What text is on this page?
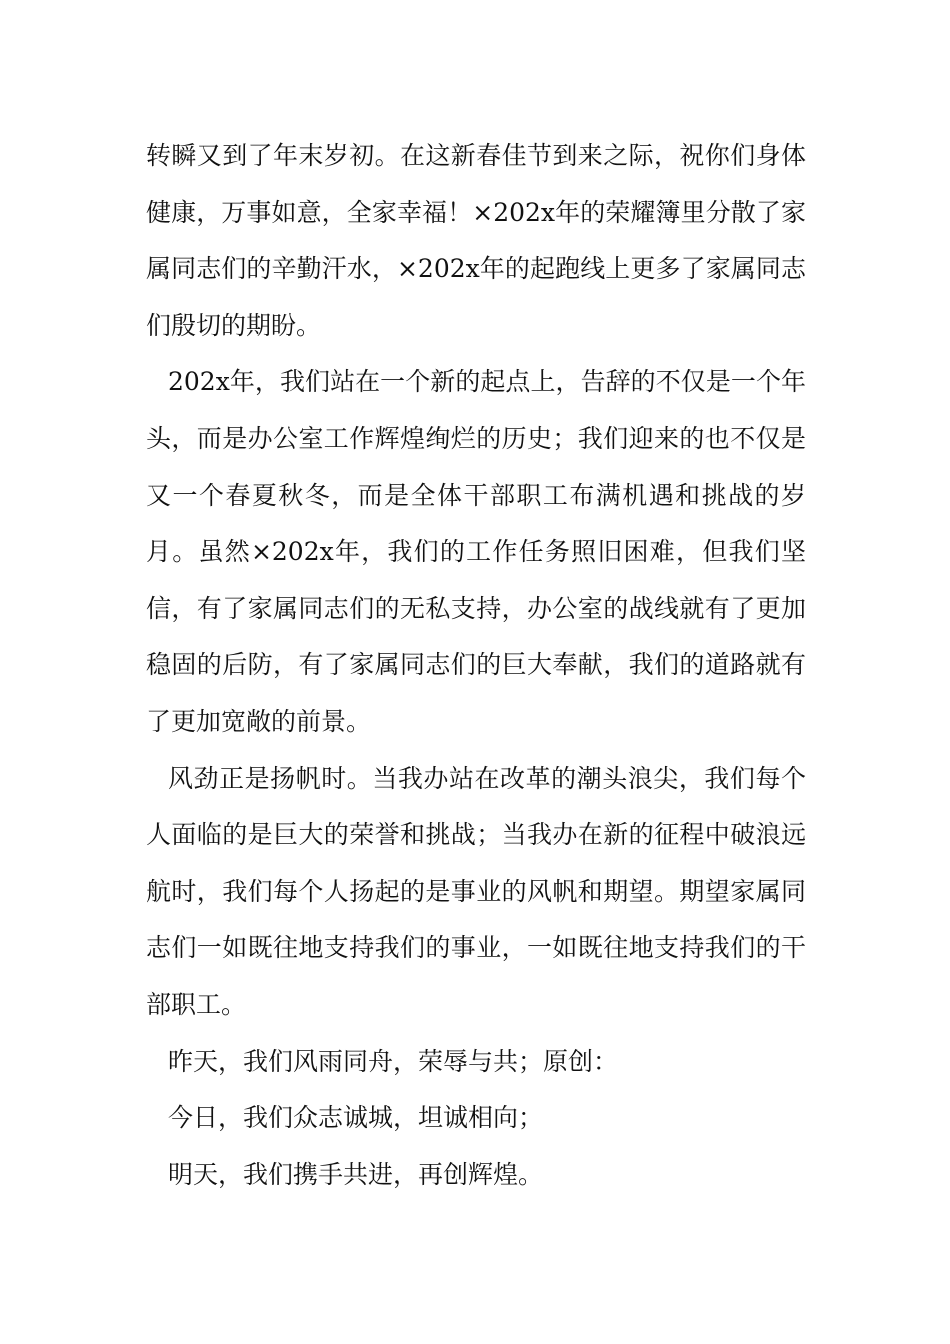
转瞬又到了年末岁初。在这新春佳节到来之际，祝你们身体健康，万事如意，全家幸福！×202x年的荣耀簿里分散了家属同志们的辛勤汗水，×202x年的起跑线上更多了家属同志们殷切的期盼。

202x年，我们站在一个新的起点上，告辞的不仅是一个年头，而是办公室工作辉煌绚烂的历史；我们迎来的也不仅是又一个春夏秋冬，而是全体干部职工布满机遇和挑战的岁月。虽然×202x年，我们的工作任务照旧困难，但我们坚信，有了家属同志们的无私支持，办公室的战线就有了更加稳固的后防，有了家属同志们的巨大奉献，我们的道路就有了更加宽敞的前景。

风劲正是扬帆时。当我办站在改革的潮头浪尖，我们每个人面临的是巨大的荣誉和挑战；当我办在新的征程中破浪远航时，我们每个人扬起的是事业的风帆和期望。期望家属同志们一如既往地支持我们的事业，一如既往地支持我们的干部职工。

昨天，我们风雨同舟，荣辱与共；原创：

今日，我们众志诚城，坦诚相向；

明天，我们携手共进，再创辉煌。
